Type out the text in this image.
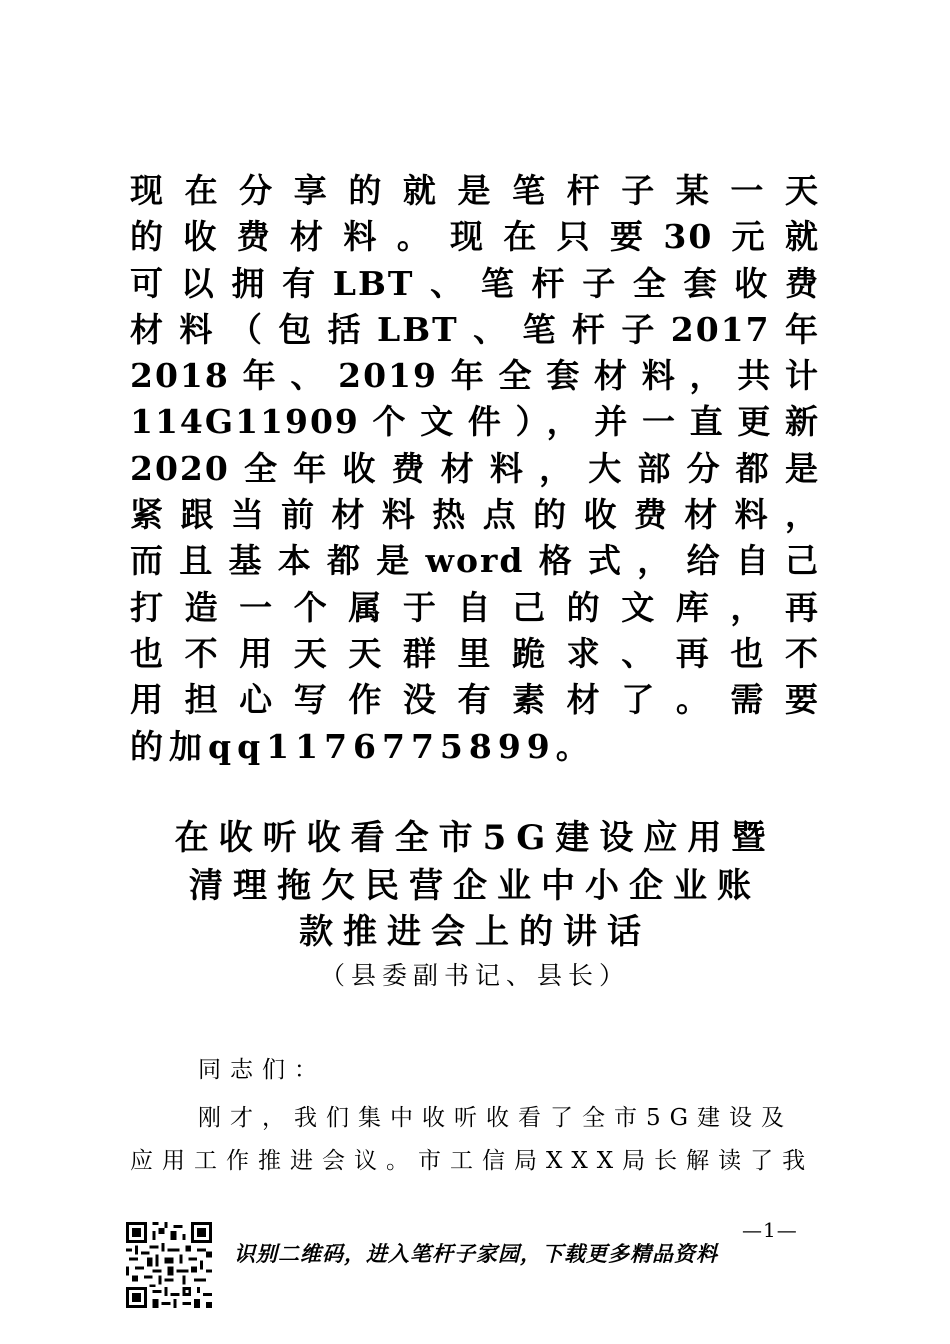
现在分享的就是笔杆子某一天
的收费材料。现在只要30元就
可以拥有LBT、笔杆子全套收费
材料（包括LBT、笔杆子2017年
2018年、2019年全套材料，共计
114G11909个文件），并一直更新
2020全年收费材料，大部分都是
紧跟当前材料热点的收费材料，
而且基本都是word格式，给自己
打造一个属于自己的文库，再
也不用天天群里跪求、再也不
用担心写作没有素材了。需要
的加qq1176775899。
在收听收看全市5G建设应用暨
清理拖欠民营企业中小企业账
款推进会上的讲话
（县委副书记、县长）
同志们：
刚才，我们集中收听收看了全市5G建设及
应用工作推进会议。市工信局XXX局长解读了我
—1—
识别二维码，进入笔杆子家园，下载更多精品资料
